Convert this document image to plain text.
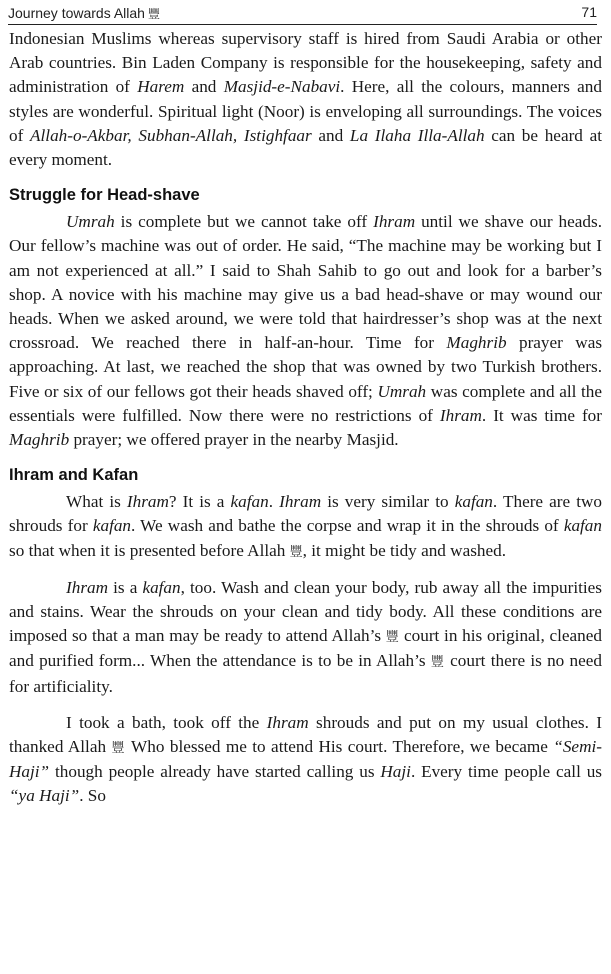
Journey towards Allah 豐	71

Indonesian Muslims whereas supervisory staff is hired from Saudi Arabia or other Arab countries. Bin Laden Company is responsible for the housekeeping, safety and administration of Harem and Masjid-e-Nabavi. Here, all the colours, manners and styles are wonderful. Spiritual light (Noor) is enveloping all surroundings. The voices of Allah-o-Akbar, Subhan-Allah, Istighfaar and La Ilaha Illa-Allah can be heard at every moment.

Struggle for Head-shave

Umrah is complete but we cannot take off Ihram until we shave our heads. Our fellow’s machine was out of order. He said, “The machine may be working but I am not experienced at all.” I said to Shah Sahib to go out and look for a barber’s shop. A novice with his machine may give us a bad head-shave or may wound our heads. When we asked around, we were told that hairdresser’s shop was at the next crossroad. We reached there in half-an-hour. Time for Maghrib prayer was approaching. At last, we reached the shop that was owned by two Turkish brothers. Five or six of our fellows got their heads shaved off; Umrah was complete and all the essentials were fulfilled. Now there were no restrictions of Ihram. It was time for Maghrib prayer; we offered prayer in the nearby Masjid.

Ihram and Kafan

What is Ihram? It is a kafan. Ihram is very similar to kafan. There are two shrouds for kafan. We wash and bathe the corpse and wrap it in the shrouds of kafan so that when it is presented before Allah 豐, it might be tidy and washed.

Ihram is a kafan, too. Wash and clean your body, rub away all the impurities and stains. Wear the shrouds on your clean and tidy body. All these conditions are imposed so that a man may be ready to attend Allah’s 豐 court in his original, cleaned and purified form... When the attendance is to be in Allah’s 豐 court there is no need for artificiality.

I took a bath, took off the Ihram shrouds and put on my usual clothes. I thanked Allah 豐 Who blessed me to attend His court. Therefore, we became “Semi-Haji” though people already have started calling us Haji. Every time people call us “ya Haji”. So
